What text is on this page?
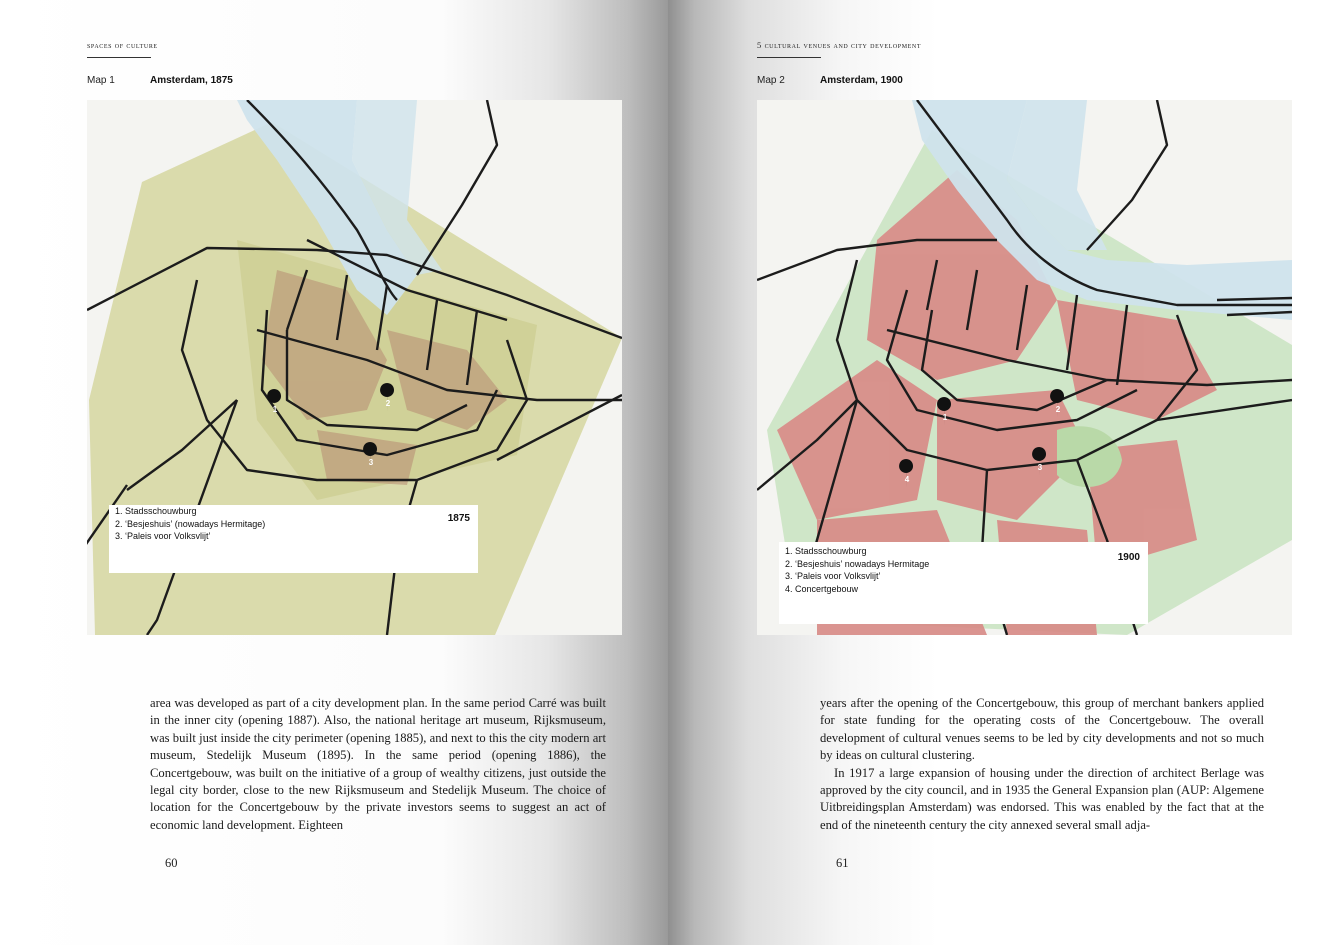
spaces of culture
Map 1	Amsterdam, 1875
1
2
3
1. Stadsschouwburg
2. ‘Besjeshuis’ (nowadays Hermitage)
3. ‘Paleis voor Volksvlijt’
1875

area was developed as part of a city development plan. In the same period Carré was built in the inner city (opening 1887). Also, the national heritage art museum, Rijksmuseum, was built just inside the city perimeter (opening 1885), and next to this the city modern art museum, Stedelijk Museum (1895). In the same period (opening 1886), the Concertgebouw, was built on the initiative of a group of wealthy citizens, just outside the legal city border, close to the new Rijksmuseum and Stedelijk Museum. The choice of location for the Concertgebouw by the private investors seems to suggest an act of economic land development. Eighteen

60
5 cultural venues and city development
Map 2	Amsterdam, 1900
1
2
3
4
1. Stadsschouwburg
2. ‘Besjeshuis’ nowadays Hermitage
3. ‘Paleis voor Volksvlijt’
4. Concertgebouw
1900

years after the opening of the Concertgebouw, this group of merchant bankers applied for state funding for the operating costs of the Concertgebouw. The overall development of cultural venues seems to be led by city developments and not so much by ideas on cultural clustering.

In 1917 a large expansion of housing under the direction of architect Berlage was approved by the city council, and in 1935 the General Expansion plan (AUP: Algemene Uitbreidingsplan Amsterdam) was endorsed. This was enabled by the fact that at the end of the nineteenth century the city annexed several small adja-

61
